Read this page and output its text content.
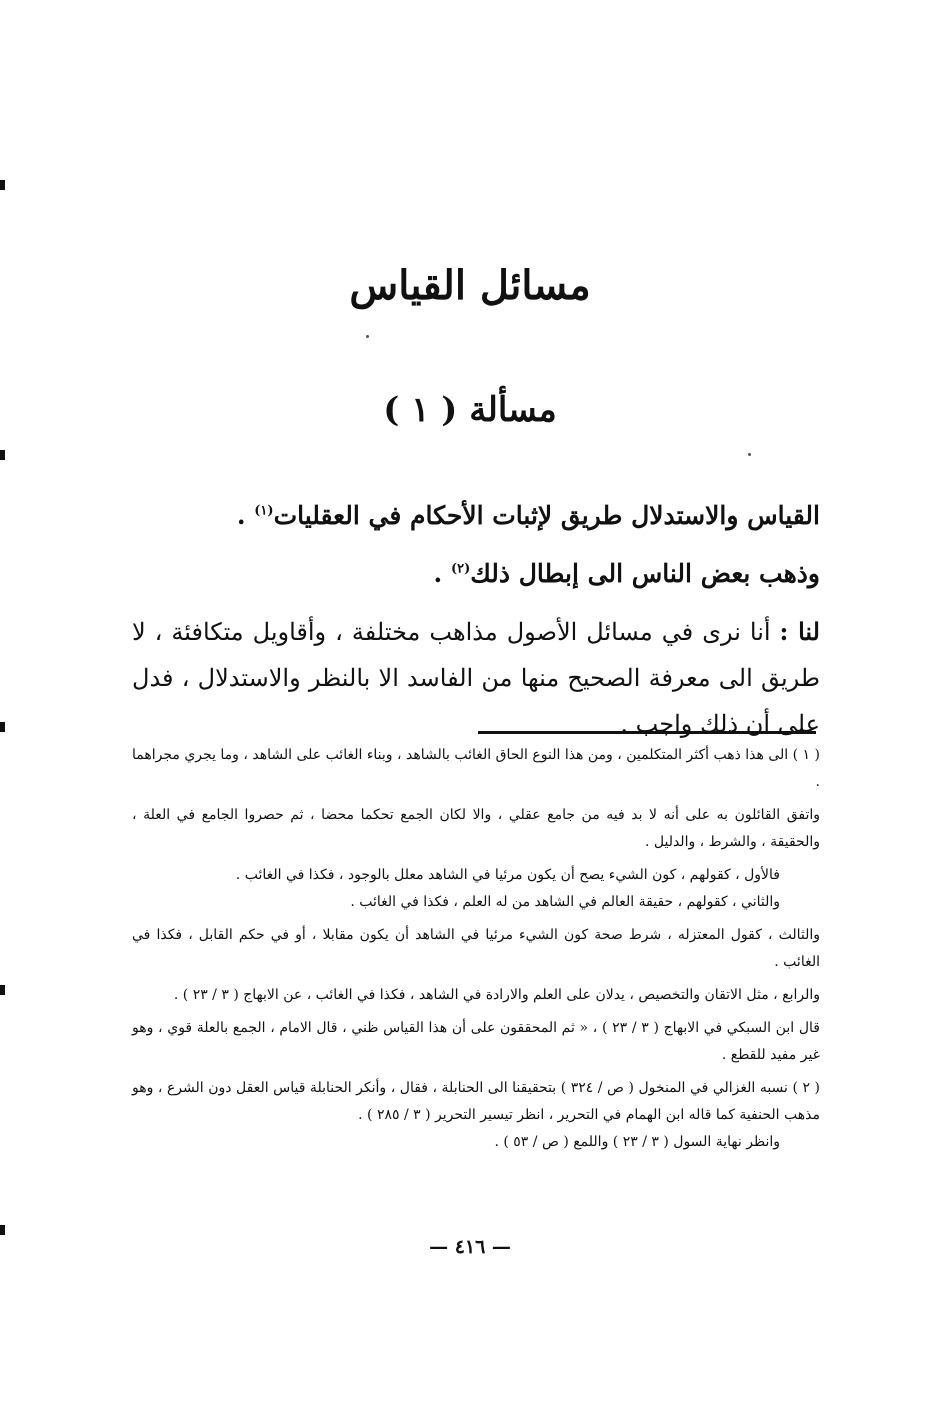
مسائل القياس
مسألة ( ١ )

القياس والاستدلال طريق لإثبات الأحكام في العقليات$^{(١)}$ .

وذهب بعض الناس الى إبطال ذلك$^{(٢)}$ .

لنا : أنا نرى في مسائل الأصول مذاهب مختلفة ، وأقاويل متكافئة ، لا طريق الى معرفة الصحيح منها من الفاسد الا بالنظر والاستدلال ، فدل على أن ذلك واجب .

( ١ ) الى هذا ذهب أكثر المتكلمين ، ومن هذا النوع الحاق الغائب بالشاهد ، وبناء الغائب على الشاهد ، وما يجري مجراهما .

واتفق القائلون به على أنه لا بد فيه من جامع عقلي ، والا لكان الجمع تحكما محضا ، ثم حصروا الجامع في العلة ، والحقيقة ، والشرط ، والدليل .

فالأول ، كقولهم ، كون الشيء يصح أن يكون مرئيا في الشاهد معلل بالوجود ، فكذا في الغائب .

والثاني ، كقولهم ، حقيقة العالم في الشاهد من له العلم ، فكذا في الغائب .

والثالث ، كقول المعتزله ، شرط صحة كون الشيء مرئيا في الشاهد أن يكون مقابلا ، أو في حكم القابل ، فكذا في الغائب .

والرابع ، مثل الاتقان والتخصيص ، يدلان على العلم والارادة في الشاهد ، فكذا في الغائب ، عن الابهاج ( ٣ / ٢٣ ) .

قال ابن السبكي في الابهاج ( ٣ / ٢٣ ) ، « ثم المحققون على أن هذا القياس ظني ، قال الامام ، الجمع بالعلة قوي ، وهو غير مفيد للقطع .

( ٢ ) نسبه الغزالي في المنخول ( ص / ٣٢٤ ) بتحقيقنا الى الحنابلة ، فقال ، وأنكر الحنابلة قياس العقل دون الشرع ، وهو مذهب الحنفية كما قاله ابن الهمام في التحرير ، انظر تيسير التحرير ( ٣ / ٢٨٥ ) .

وانظر نهاية السول ( ٣ / ٢٣ ) واللمع ( ص / ٥٣ ) .

— ٤١٦ —
